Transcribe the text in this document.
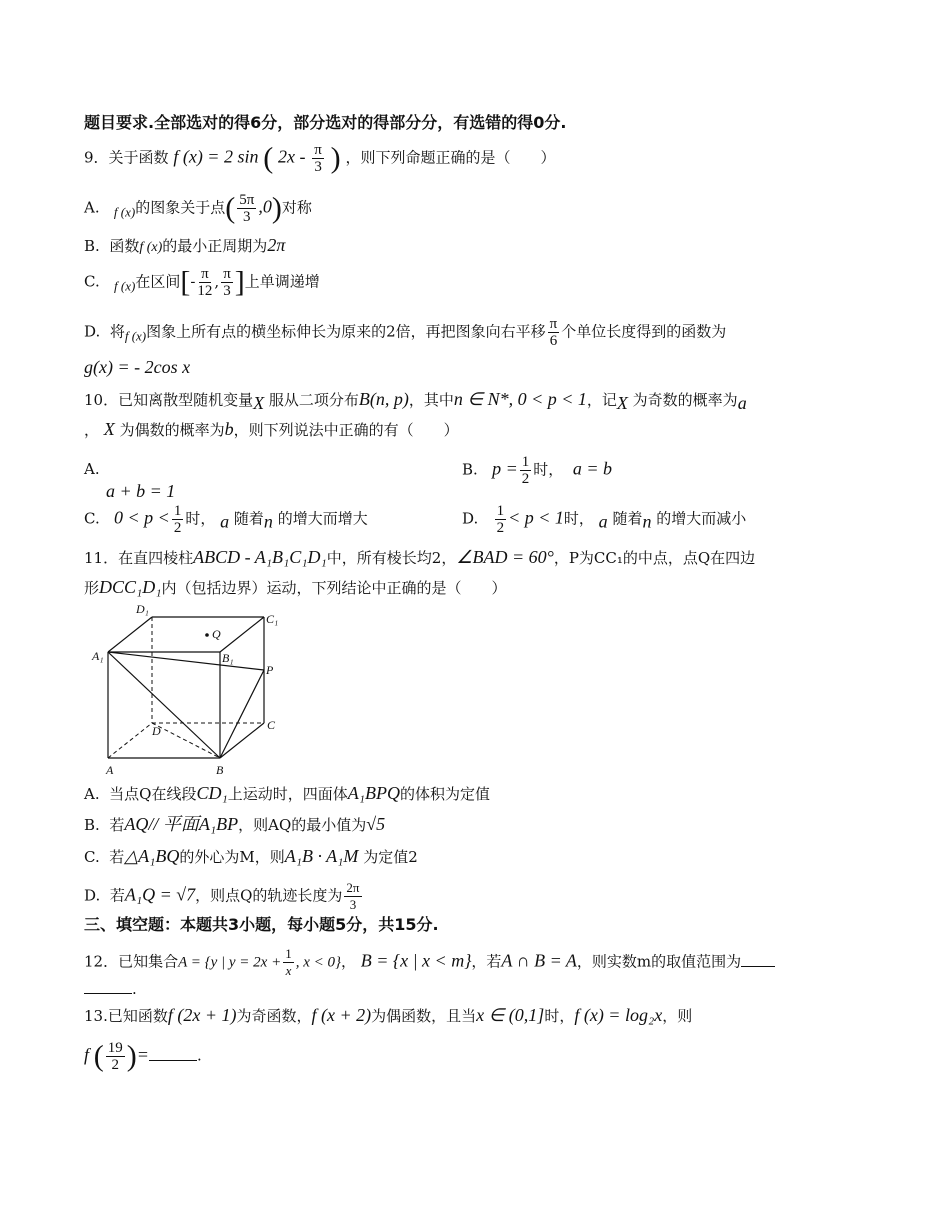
题目要求.全部选对的得6分，部分选对的得部分分，有选错的得0分.
9．关于函数 f (x) = 2 sin ( $2x - \frac{\pi}{3}$ ) ，则下列命题正确的是（　　）
A. $_{f (x)}$的图象关于点( $\frac{5\pi}{3} ,0$)对称
B. 函数f (x)的最小正周期为2π
C. $_{f (x)}$在区间[- $\frac{\pi}{12}$ , $\frac{\pi}{3}$ ]上单调递增
D. 将$_{f (x)}$图象上所有点的横坐标伸长为原来的2倍，再把图象向右平移 $\frac{\pi}{6}$ 个单位长度得到的函数为
g(x) = - 2cos x
10．已知离散型随机变量$_X$ 服从二项分布B(n, p)，其中n ∈ N*, 0 < p < 1，记$_X$ 为奇数的概率为$_a$
， X 为偶数的概率为b，则下列说法中正确的有（　　）
A.
a + b = 1
B. $p = \frac{1}{2}$ 时， a = b
C. $0 < p < \frac{1}{2}$ 时， $_a$ 随着$_n$ 的增大而增大	D. $\frac{1}{2} < p < 1$时， $_a$ 随着$_n$ 的增大而减小
11．在直四棱柱ABCD - A₁B₁C₁D₁中，所有棱长均2，∠BAD = 60°，P为CC₁的中点，点Q在四边
形DCC₁D₁内（包括边界）运动，下列结论中正确的是（　　）
D₁
C₁
Q
A₁	B₁
P
C
D
A	B
A. 当点Q在线段CD₁上运动时，四面体A₁BPQ的体积为定值
B. 若AQ// 平面A₁BP，则AQ的最小值为√5
C. 若△A₁BQ的外心为M，则A₁B · A₁M 为定值2
D. 若A₁Q = √7，则点Q的轨迹长度为 $\frac{2\pi}{3}$
三、填空题：本题共3小题，每小题5分，共15分.
12．已知集合A = {y | $y = 2x + \frac{1}{x}$ , x < 0}， B = {x | x < m}，若A ∩ B = A，则实数m的取值范围为
.
13.已知函数f (2x + 1)为奇函数，f (x + 2)为偶函数，且当x ∈ (0,1]时，f (x) = log₂x，则
f ( $\frac{19}{2}$ )=	.
